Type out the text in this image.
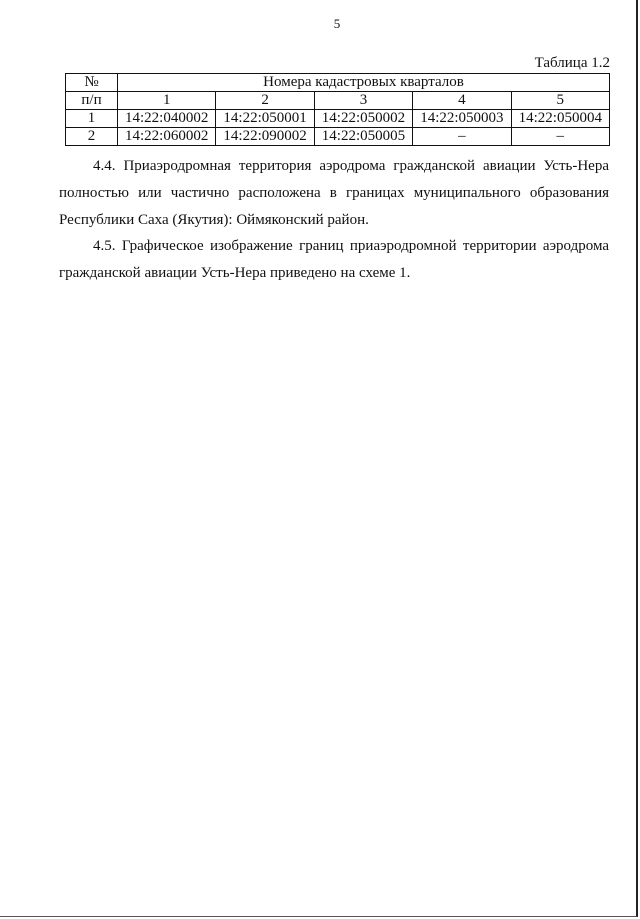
5
Таблица 1.2
№	Номера кадастровых кварталов				
п/п	1	2	3	4	5
1	14:22:040002	14:22:050001	14:22:050002	14:22:050003	14:22:050004
2	14:22:060002	14:22:090002	14:22:050005	–	–

4.4. Приаэродромная территория аэродрома гражданской авиации Усть-Нера полностью или частично расположена в границах муниципального образования Республики Саха (Якутия): Оймяконский район.

4.5. Графическое изображение границ приаэродромной территории аэродрома гражданской авиации Усть-Нера приведено на схеме 1.
